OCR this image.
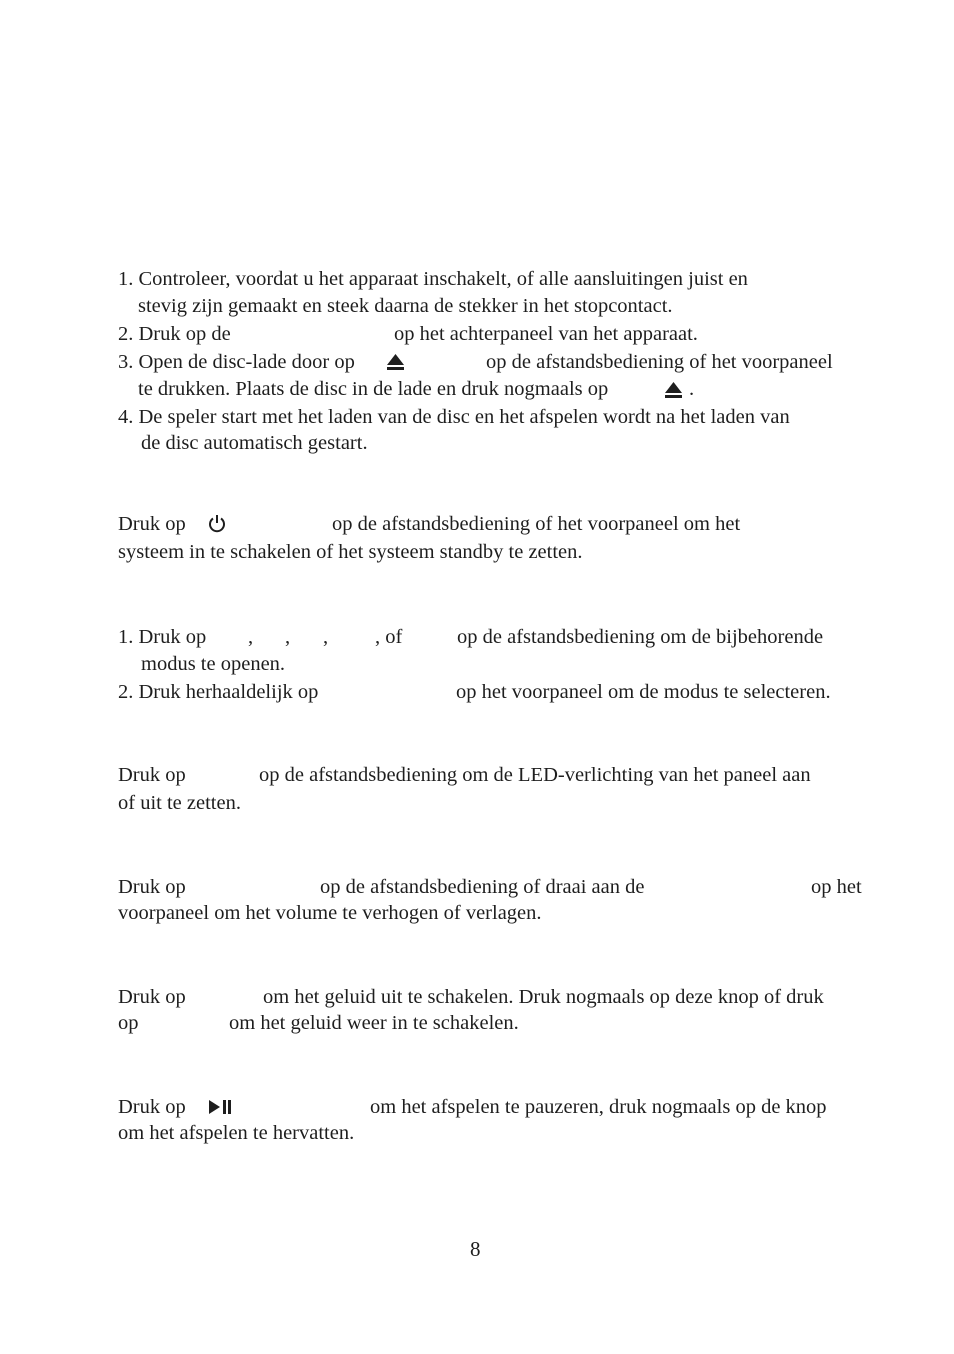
1. Controleer, voordat u het apparaat inschakelt, of alle aansluitingen juist en
stevig zijn gemaakt en steek daarna de stekker in het stopcontact.
2. Druk op de	op het achterpaneel van het apparaat.
3. Open de disc-lade door op	op de afstandsbediening of het voorpaneel
te drukken. Plaats de disc in de lade en druk nogmaals op	.
4. De speler start met het laden van de disc en het afspelen wordt na het laden van
de disc automatisch gestart.
Druk op	op de afstandsbediening of het voorpaneel om het
systeem in te schakelen of het systeem standby te zetten.
1. Druk op , , , , of	op de afstandsbediening om de bijbehorende
modus te openen.
2. Druk herhaaldelijk op	op het voorpaneel om de modus te selecteren.
Druk op	op de afstandsbediening om de LED-verlichting van het paneel aan
of uit te zetten.
Druk op	op de afstandsbediening of draai aan de	op het
voorpaneel om het volume te verhogen of verlagen.
Druk op	om het geluid uit te schakelen. Druk nogmaals op deze knop of druk
op	om het geluid weer in te schakelen.
Druk op	om het afspelen te pauzeren, druk nogmaals op de knop
om het afspelen te hervatten.
8
